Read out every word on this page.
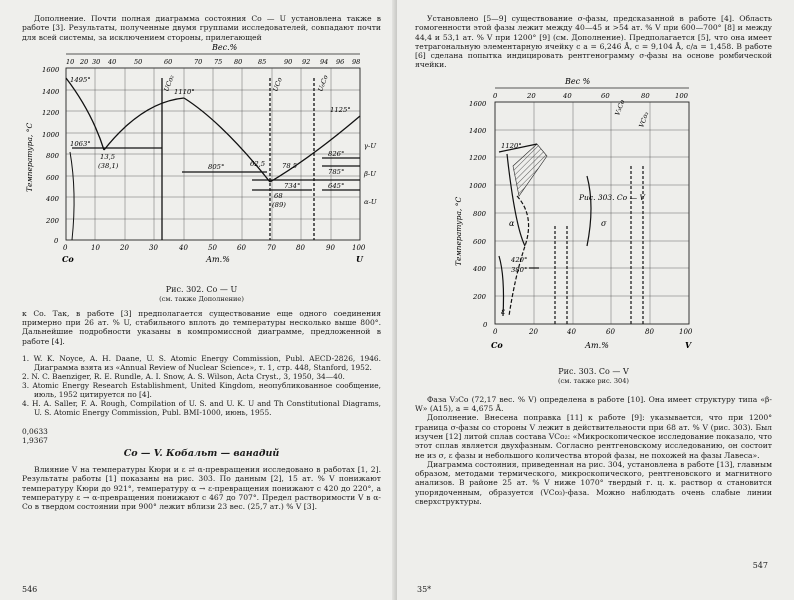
Дополнение. Почти полная диаграмма состояния Co — U установлена также в работе [3]. Результаты, полученные двумя группами исследователей, совпадают почти для всей системы, за исключением стороны, прилегающей

Вес.%
10 20 30 40	50	60	70 75 80 85	90 92 94 96 98
1600
1400
1200
1000
800
600
400
200
0
Температура, °С
UCo₂	UCo	U₆Co
1495°
1063°
13,5
(38,1)
1110°
805°	62,5 78,5
734°
68
(89)
1125°
826°
785°
645°
γ-U
β-U
α-U
0	10	20	30	40	50	60	70	80	90 100
Co	U
Ат.%
Рис. 302. Co — U
(см. также Дополнение)

к Co. Так, в работе [3] предполагается существование еще одного соединения примерно при 26 ат. % U, стабильного вплоть до температуры несколько выше 800°. Дальнейшие подробности указаны в компромиссной диаграмме, предложенной в работе [4].

1. W. K. Noyce, A. H. Daane, U. S. Atomic Energy Commission, Publ. AECD-2826, 1946. Диаграмма взята из «Annual Review of Nuclear Science», т. 1, стр. 448, Stanford, 1952.

2. N. C. Baenziger, R. E. Rundle, A. I. Snow, A. S. Wilson, Acta Cryst., 3, 1950, 34—40.

3. Atomic Energy Research Establishment, United Kingdom, неопубликованное сообщение, июль, 1952 цитируется по [4].

4. H. A. Saller, F. A. Rough, Compilation of U. S. and U. K. U and Th Constitutional Diagrams, U. S. Atomic Energy Commission, Publ. BMI-1000, июнь, 1955.

0,0633
1,9367
Co — V. Кобальт — ванадий

Влияние V на температуры Кюри и ε ⇄ α-превращения исследовано в работах [1, 2]. Результаты работы [1] показаны на рис. 303. По данным [2], 15 ат. % V понижают температуру Кюри до 921°, температуру α → ε-превращения понижают с 420 до 220°, а температуру ε → α-превращения понижают с 467 до 707°. Предел растворимости V в α-Co в твердом состоянии при 900° лежит вблизи 23 вес. (25,7 ат.) % V [3].

546

Установлено [5—9] существование σ-фазы, предсказанной в работе [4]. Область гомогенности этой фазы лежит между 40—45 и >54 ат. % V при 600—700° [8] и между 44,4 и 53,1 ат. % V при 1200° [9] (см. Дополнение). Предполагается [5], что она имеет тетрагональную элементарную ячейку с а = 6,246 Å, с = 9,104 Å, с/а = 1,458. В работе [6] сделана попытка индицировать рентгенограмму σ-фазы на основе ромбической ячейки.

Вес %
0	20	40	60	80	100
1600
1400
1200
1000
800
600
400
200
0
Температура, °С
V₃Co
VCo₃
Рис. 303. Co — V
1120°
420°
380°
α	σ
ε
0	20	40	60	80	100
Co	V
Ат.%
Рис. 303. Co — V
(см. также рис. 304)

Фаза V₃Co (72,17 вес. % V) определена в работе [10]. Она имеет структуру типа «β-W» (A15), а = 4,675 Å.

Дополнение. Внесена поправка [11] к работе [9]: указывается, что при 1200° граница σ-фазы со стороны V лежит в действительности при 68 ат. % V (рис. 303). Был изучен [12] литой сплав состава VCo₂: «Микроскопическое исследование показало, что этот сплав является двухфазным. Согласно рентгеновскому исследованию, он состоит не из σ, ε фазы и небольшого количества второй фазы, не похожей на фазы Лавеса».

Диаграмма состояния, приведенная на рис. 304, установлена в работе [13], главным образом, методами термического, микроскопического, рентгеновского и магнитного анализов. В районе 25 ат. % V ниже 1070° твердый г. ц. к. раствор α становится упорядоченным, образуется (VCo₃)-фаза. Можно наблюдать очень слабые линии сверхструктуры.

35*
547
